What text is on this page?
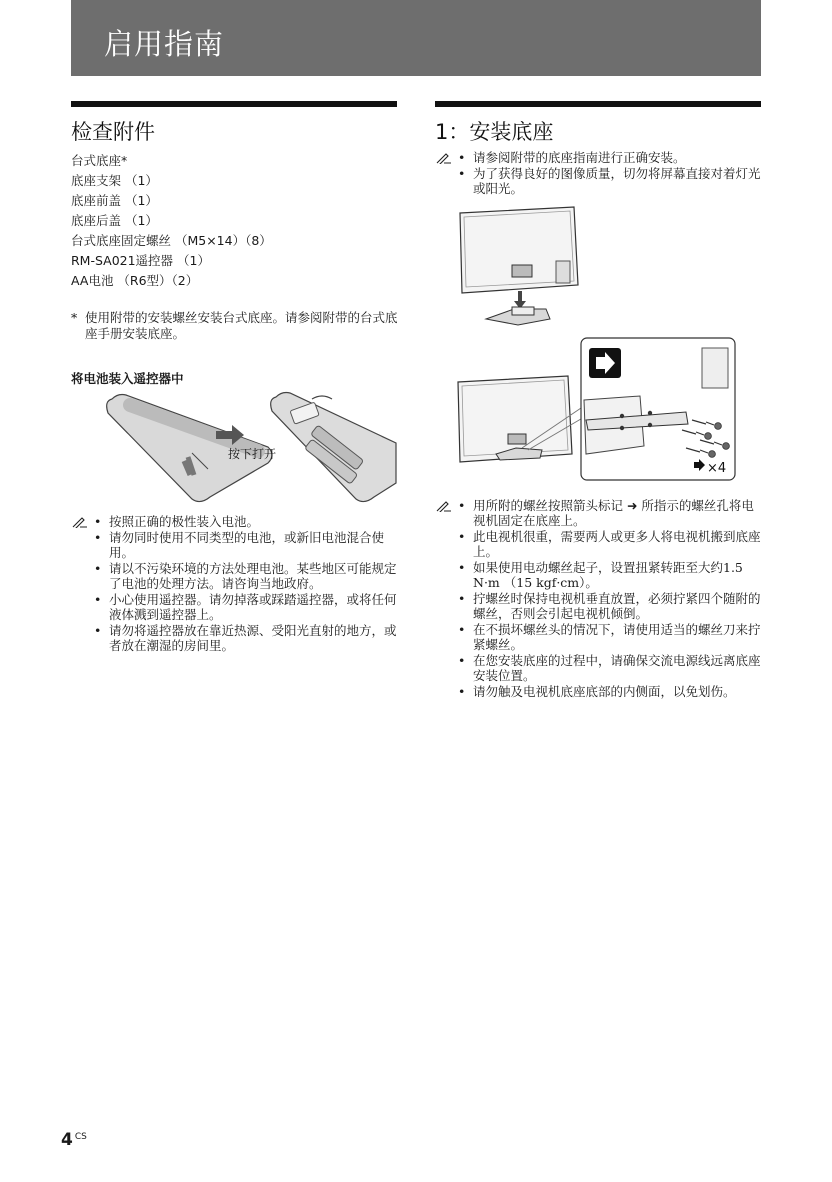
启用指南
检查附件
台式底座*
底座支架 （1）
底座前盖 （1）
底座后盖 （1）
台式底座固定螺丝 （M5×14）（8）
RM-SA021遥控器 （1）
AA电池 （R6型）（2）
* 使用附带的安装螺丝安装台式底座。请参阅附带的台式底座手册安装底座。
将电池装入遥控器中
按下打开
• 按照正确的极性装入电池。
• 请勿同时使用不同类型的电池，或新旧电池混合使用。
• 请以不污染环境的方法处理电池。某些地区可能规定了电池的处理方法。请咨询当地政府。
• 小心使用遥控器。请勿掉落或踩踏遥控器，或将任何液体溅到遥控器上。
• 请勿将遥控器放在靠近热源、受阳光直射的地方，或者放在潮湿的房间里。
1：安装底座
• 请参阅附带的底座指南进行正确安装。
• 为了获得良好的图像质量，切勿将屏幕直接对着灯光或阳光。
×4
• 用所附的螺丝按照箭头标记 ➜ 所指示的螺丝孔将电视机固定在底座上。
• 此电视机很重，需要两人或更多人将电视机搬到底座上。
• 如果使用电动螺丝起子，设置扭紧转距至大约1.5 N·m （15 kgf·cm）。
• 拧螺丝时保持电视机垂直放置，必须拧紧四个随附的螺丝，否则会引起电视机倾倒。
• 在不损坏螺丝头的情况下，请使用适当的螺丝刀来拧紧螺丝。
• 在您安装底座的过程中，请确保交流电源线远离底座安装位置。
• 请勿触及电视机底座底部的内侧面，以免划伤。
4 $^{CS}$
